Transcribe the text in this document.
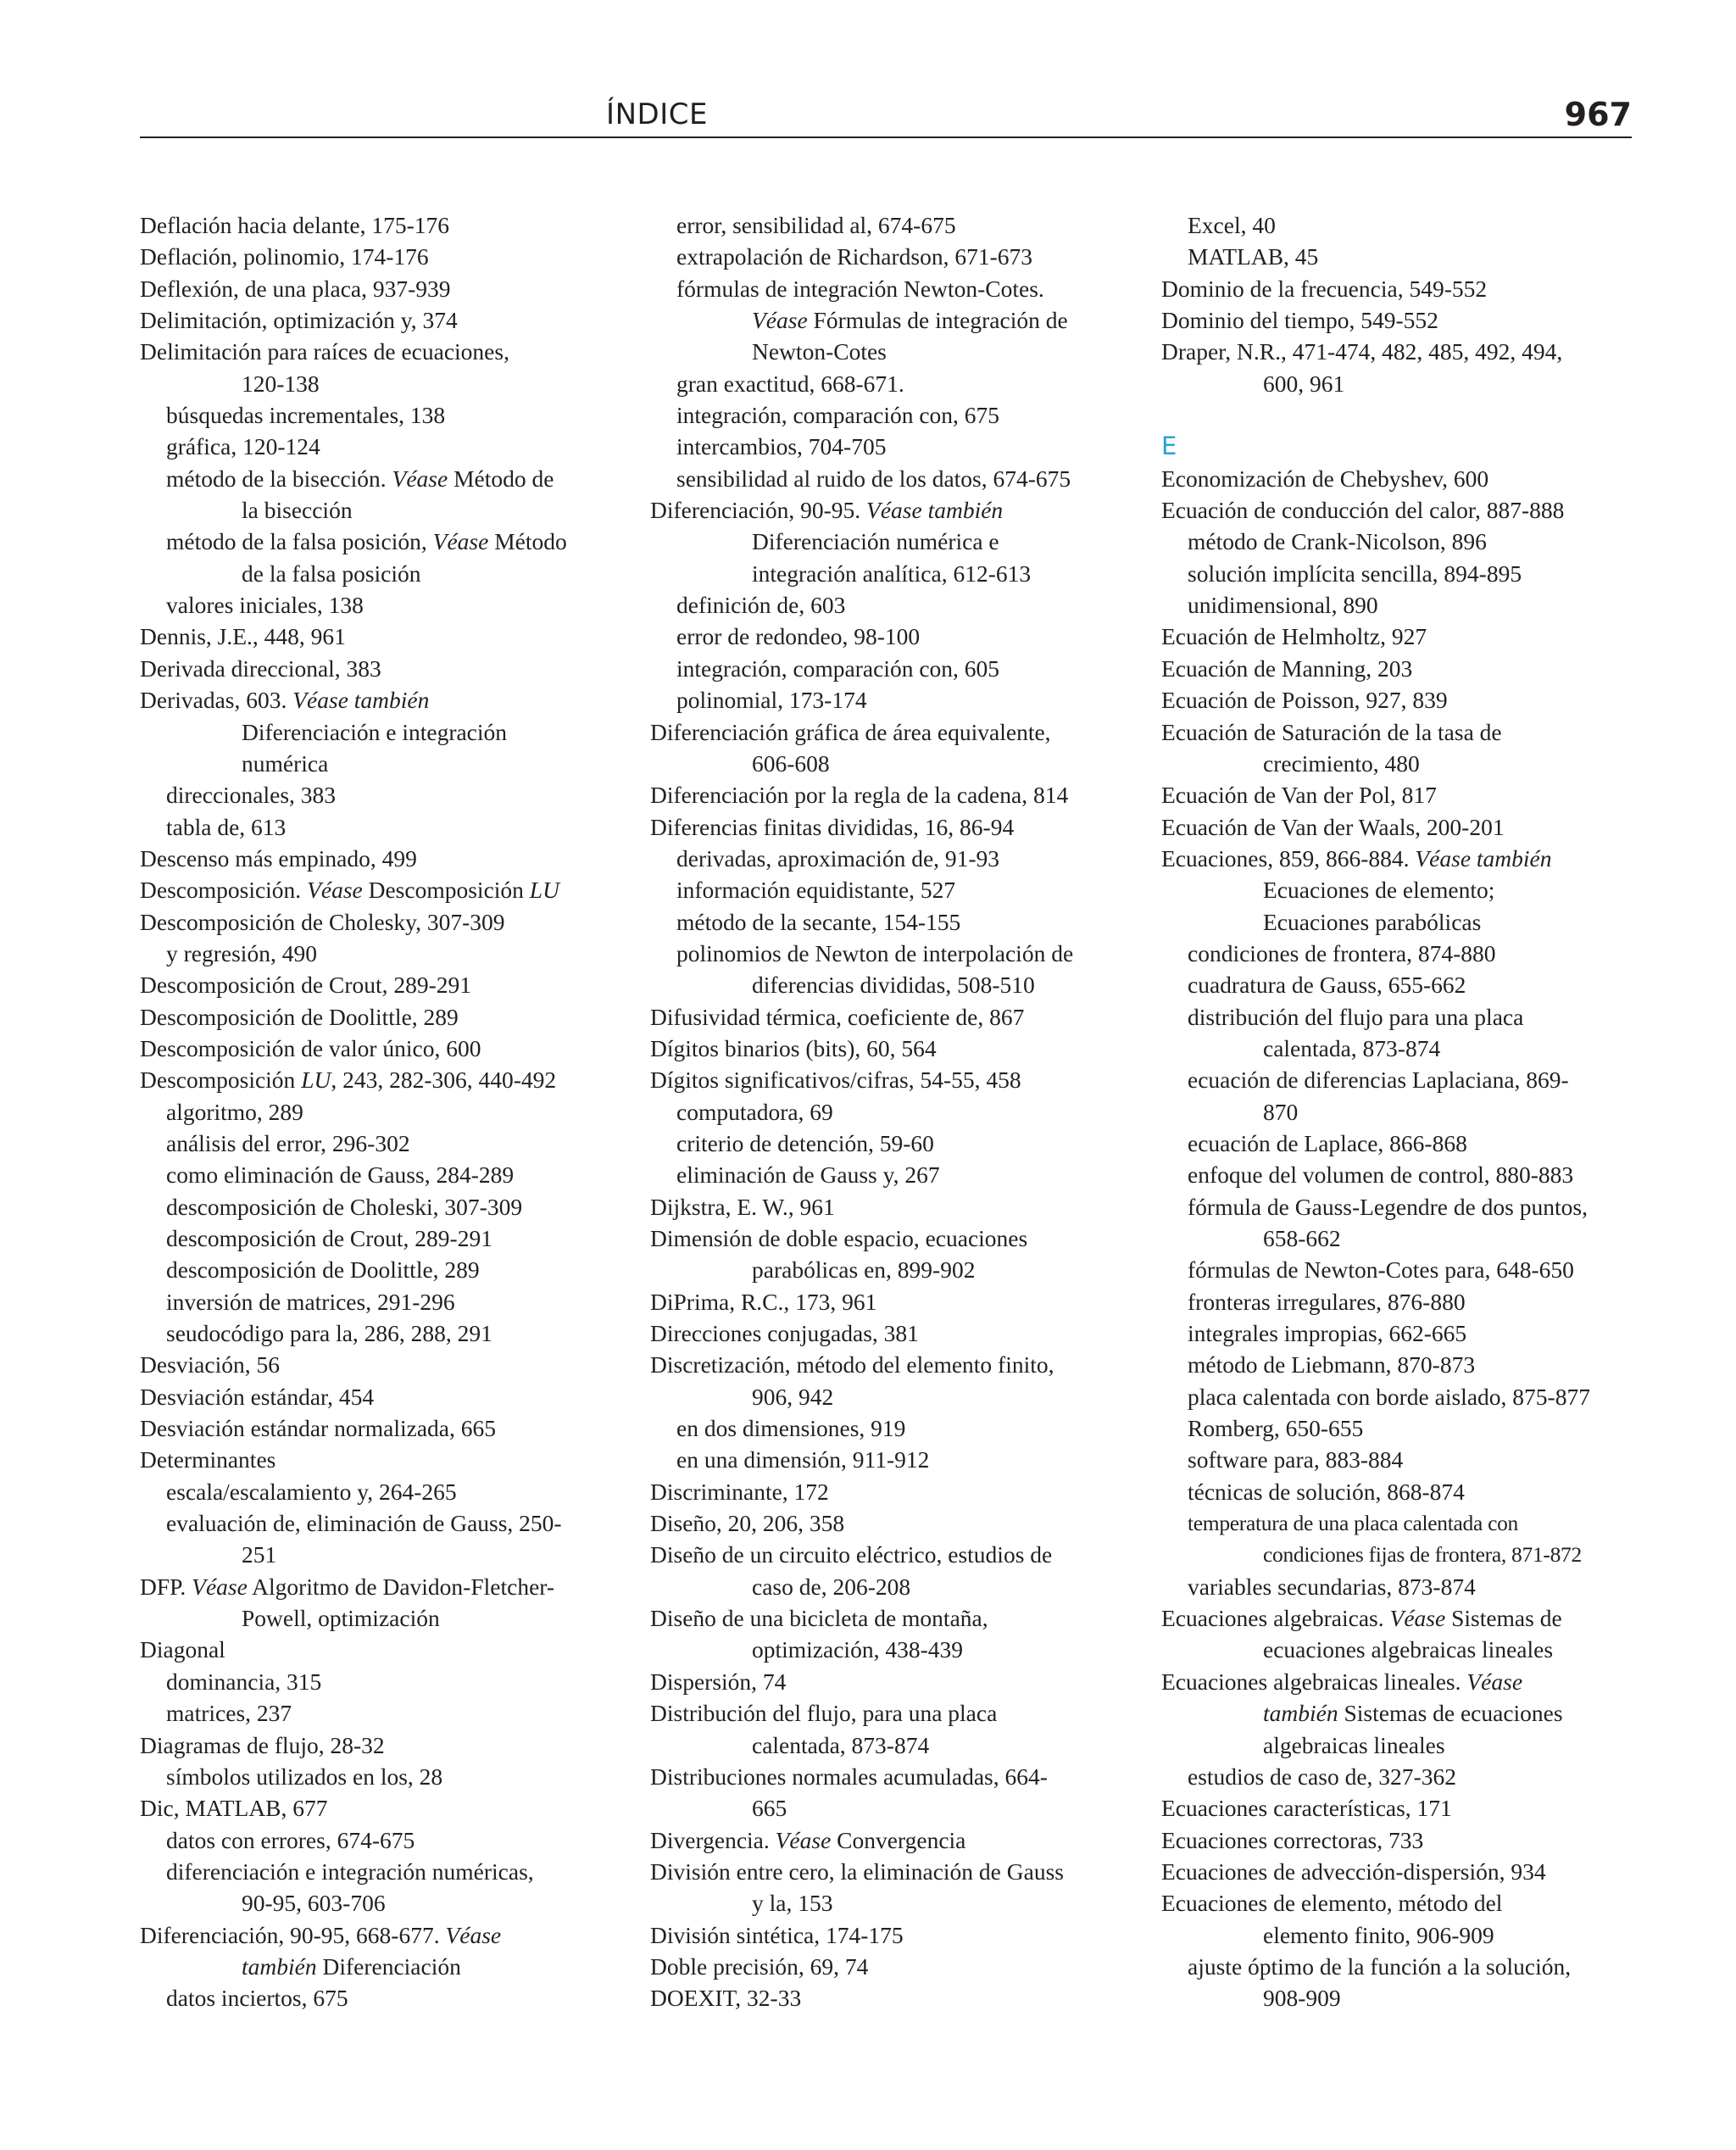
ÍNDICE	967
Deflación hacia delante, 175-176
Deflación, polinomio, 174-176
Deflexión, de una placa, 937-939
Delimitación, optimización y, 374
Delimitación para raíces de ecuaciones,
120-138
búsquedas incrementales, 138
gráfica, 120-124
método de la bisección. Véase Método de
la bisección
método de la falsa posición, Véase Método
de la falsa posición
valores iniciales, 138
Dennis, J.E., 448, 961
Derivada direccional, 383
Derivadas, 603. Véase también
Diferenciación e integración
numérica
direccionales, 383
tabla de, 613
Descenso más empinado, 499
Descomposición. Véase Descomposición LU
Descomposición de Cholesky, 307-309
y regresión, 490
Descomposición de Crout, 289-291
Descomposición de Doolittle, 289
Descomposición de valor único, 600
Descomposición LU, 243, 282-306, 440-492
algoritmo, 289
análisis del error, 296-302
como eliminación de Gauss, 284-289
descomposición de Choleski, 307-309
descomposición de Crout, 289-291
descomposición de Doolittle, 289
inversión de matrices, 291-296
seudocódigo para la, 286, 288, 291
Desviación, 56
Desviación estándar, 454
Desviación estándar normalizada, 665
Determinantes
escala/escalamiento y, 264-265
evaluación de, eliminación de Gauss, 250-
251
DFP. Véase Algoritmo de Davidon-Fletcher-
Powell, optimización
Diagonal
dominancia, 315
matrices, 237
Diagramas de flujo, 28-32
símbolos utilizados en los, 28
Dic, MATLAB, 677
datos con errores, 674-675
diferenciación e integración numéricas,
90-95, 603-706
Diferenciación, 90-95, 668-677. Véase
también Diferenciación
datos inciertos, 675
error, sensibilidad al, 674-675
extrapolación de Richardson, 671-673
fórmulas de integración Newton-Cotes.
Véase Fórmulas de integración de
Newton-Cotes
gran exactitud, 668-671.
integración, comparación con, 675
intercambios, 704-705
sensibilidad al ruido de los datos, 674-675
Diferenciación, 90-95. Véase también
Diferenciación numérica e
integración analítica, 612-613
definición de, 603
error de redondeo, 98-100
integración, comparación con, 605
polinomial, 173-174
Diferenciación gráfica de área equivalente,
606-608
Diferenciación por la regla de la cadena, 814
Diferencias finitas divididas, 16, 86-94
derivadas, aproximación de, 91-93
información equidistante, 527
método de la secante, 154-155
polinomios de Newton de interpolación de
diferencias divididas, 508-510
Difusividad térmica, coeficiente de, 867
Dígitos binarios (bits), 60, 564
Dígitos significativos/cifras, 54-55, 458
computadora, 69
criterio de detención, 59-60
eliminación de Gauss y, 267
Dijkstra, E. W., 961
Dimensión de doble espacio, ecuaciones
parabólicas en, 899-902
DiPrima, R.C., 173, 961
Direcciones conjugadas, 381
Discretización, método del elemento finito,
906, 942
en dos dimensiones, 919
en una dimensión, 911-912
Discriminante, 172
Diseño, 20, 206, 358
Diseño de un circuito eléctrico, estudios de
caso de, 206-208
Diseño de una bicicleta de montaña,
optimización, 438-439
Dispersión, 74
Distribución del flujo, para una placa
calentada, 873-874
Distribuciones normales acumuladas, 664-
665
Divergencia. Véase Convergencia
División entre cero, la eliminación de Gauss
y la, 153
División sintética, 174-175
Doble precisión, 69, 74
DOEXIT, 32-33
Excel, 40
MATLAB, 45
Dominio de la frecuencia, 549-552
Dominio del tiempo, 549-552
Draper, N.R., 471-474, 482, 485, 492, 494,
600, 961
E
Economización de Chebyshev, 600
Ecuación de conducción del calor, 887-888
método de Crank-Nicolson, 896
solución implícita sencilla, 894-895
unidimensional, 890
Ecuación de Helmholtz, 927
Ecuación de Manning, 203
Ecuación de Poisson, 927, 839
Ecuación de Saturación de la tasa de
crecimiento, 480
Ecuación de Van der Pol, 817
Ecuación de Van der Waals, 200-201
Ecuaciones, 859, 866-884. Véase también
Ecuaciones de elemento;
Ecuaciones parabólicas
condiciones de frontera, 874-880
cuadratura de Gauss, 655-662
distribución del flujo para una placa
calentada, 873-874
ecuación de diferencias Laplaciana, 869-
870
ecuación de Laplace, 866-868
enfoque del volumen de control, 880-883
fórmula de Gauss-Legendre de dos puntos,
658-662
fórmulas de Newton-Cotes para, 648-650
fronteras irregulares, 876-880
integrales impropias, 662-665
método de Liebmann, 870-873
placa calentada con borde aislado, 875-877
Romberg, 650-655
software para, 883-884
técnicas de solución, 868-874
temperatura de una placa calentada con
condiciones fijas de frontera, 871-872
variables secundarias, 873-874
Ecuaciones algebraicas. Véase Sistemas de
ecuaciones algebraicas lineales
Ecuaciones algebraicas lineales. Véase
también Sistemas de ecuaciones
algebraicas lineales
estudios de caso de, 327-362
Ecuaciones características, 171
Ecuaciones correctoras, 733
Ecuaciones de advección-dispersión, 934
Ecuaciones de elemento, método del
elemento finito, 906-909
ajuste óptimo de la función a la solución,
908-909
